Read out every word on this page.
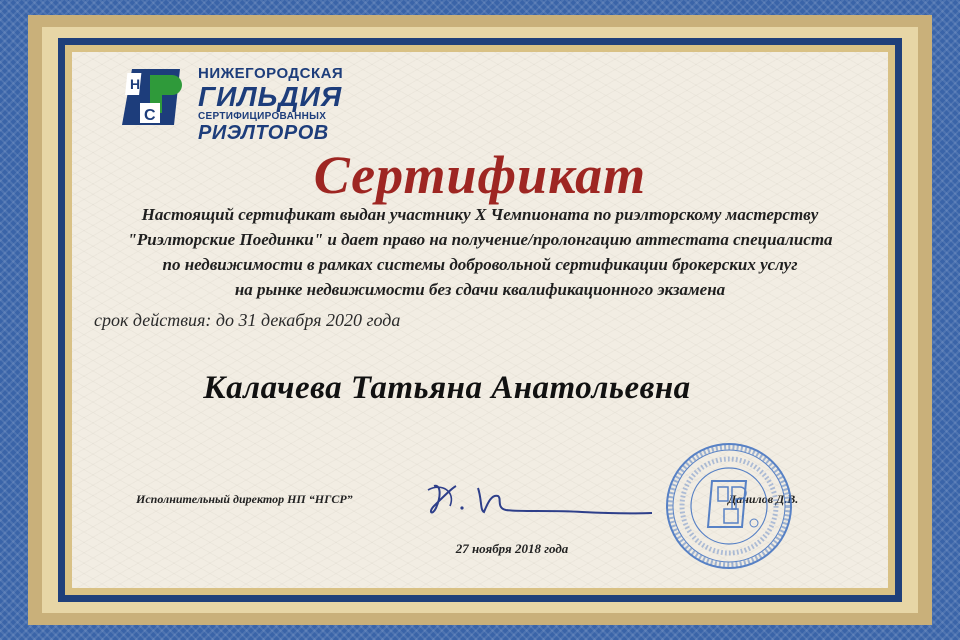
C
H
НИЖЕГОРОДСКАЯ
ГИЛЬДИЯ
СЕРТИФИЦИРОВАННЫХ
РИЭЛТОРОВ
Сертификат
Настоящий сертификат выдан участнику X Чемпионата по риэлторскому мастерству
"Риэлторские Поединки" и дает право на получение/пролонгацию аттестата специалиста
по недвижимости в рамках системы добровольной сертификации брокерских услуг
на рынке недвижимости без сдачи квалификационного экзамена
срок действия: до 31 декабря 2020 года
Калачева Татьяна Анатольевна
Исполнительный директор НП “НГСР”	Данилов Д.В.
27 ноября 2018 года
